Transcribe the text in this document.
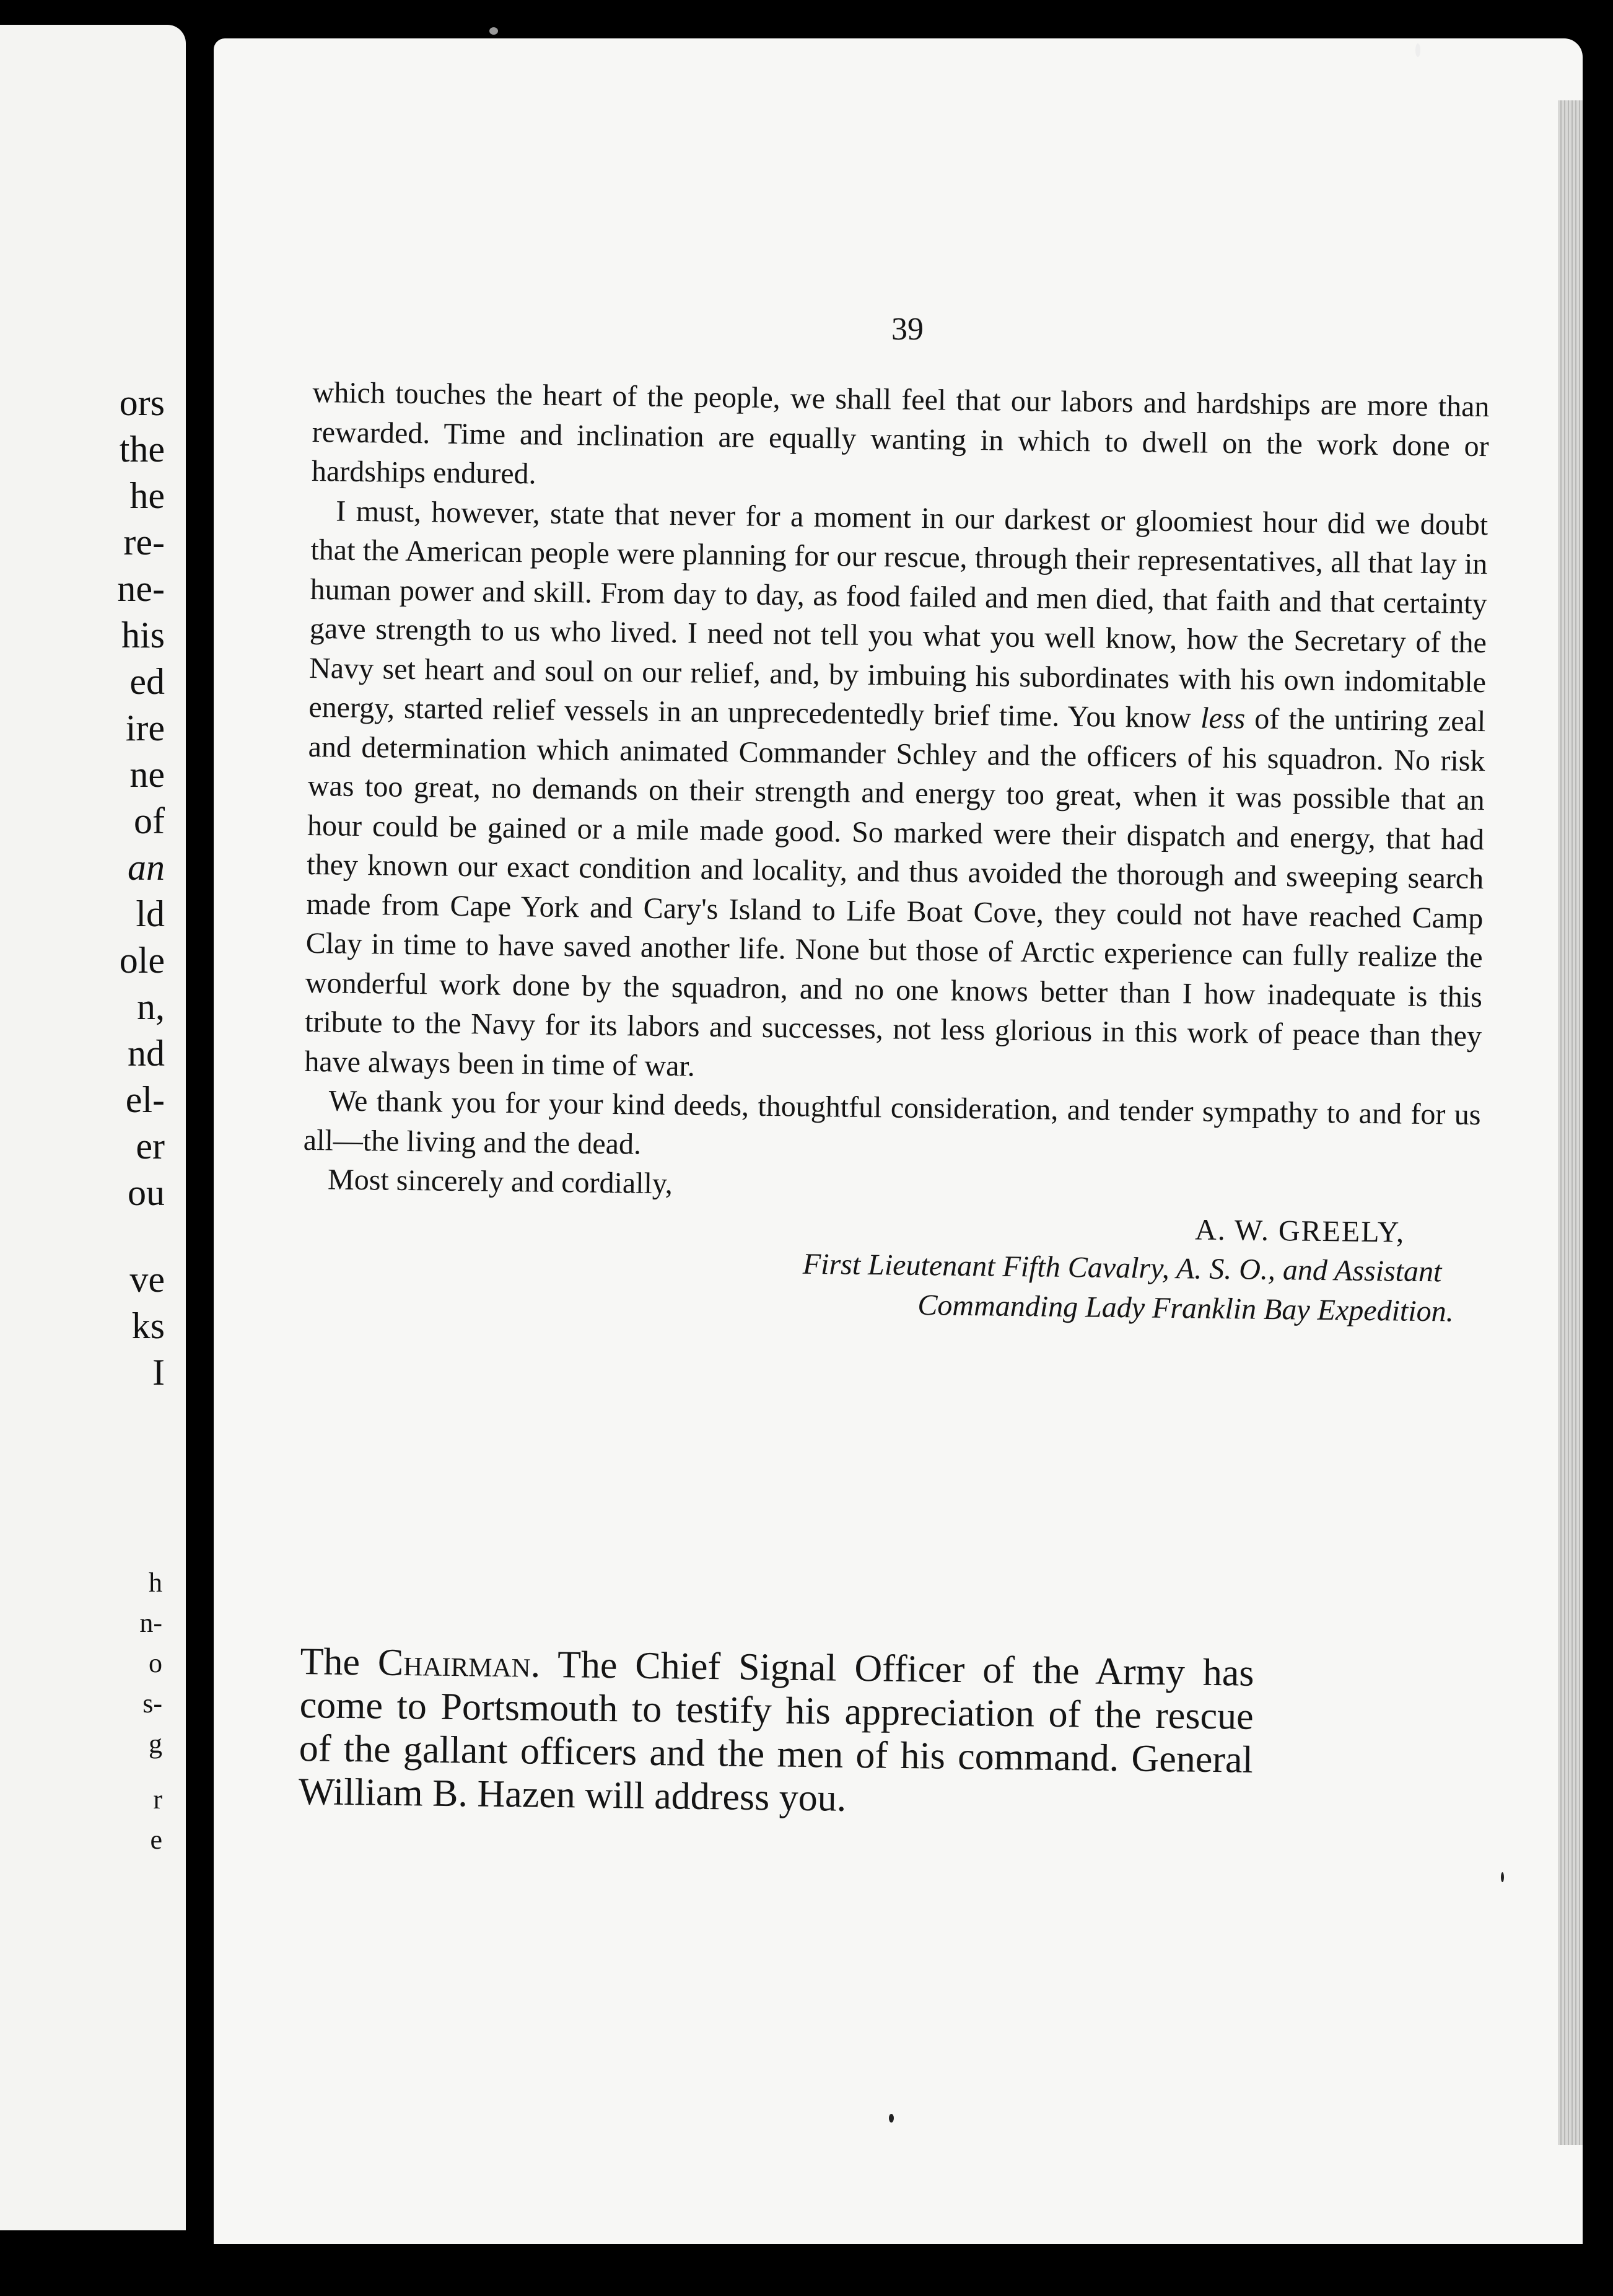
ors
the
he
re-
ne-
his
ed
ire
ne
of
an
ld
ole
n,
nd
el-
er
ou
ve
ks
I
h
n-
o
s-
g
r
e
39

which touches the heart of the people, we shall feel that our labors and hardships are more than rewarded. Time and inclination are equally wanting in which to dwell on the work done or hardships endured.

I must, however, state that never for a moment in our darkest or gloomiest hour did we doubt that the American people were planning for our rescue, through their representatives, all that lay in human power and skill. From day to day, as food failed and men died, that faith and that certainty gave strength to us who lived. I need not tell you what you well know, how the Secretary of the Navy set heart and soul on our relief, and, by imbuing his subordinates with his own indomitable energy, started relief vessels in an unprecedentedly brief time. You know less of the untiring zeal and determination which animated Commander Schley and the officers of his squadron. No risk was too great, no demands on their strength and energy too great, when it was possible that an hour could be gained or a mile made good. So marked were their dispatch and energy, that had they known our exact condition and locality, and thus avoided the thorough and sweeping search made from Cape York and Cary's Island to Life Boat Cove, they could not have reached Camp Clay in time to have saved another life. None but those of Arctic experience can fully realize the wonderful work done by the squadron, and no one knows better than I how inadequate is this tribute to the Navy for its labors and successes, not less glorious in this work of peace than they have always been in time of war.

We thank you for your kind deeds, thoughtful consideration, and tender sympathy to and for us all—the living and the dead.

Most sincerely and cordially,

A. W. GREELY,

First Lieutenant Fifth Cavalry, A. S. O., and Assistant

Commanding Lady Franklin Bay Expedition.

The Chairman. The Chief Signal Officer of the Army has come to Portsmouth to testify his appreciation of the rescue of the gallant officers and the men of his command. General William B. Hazen will address you.
